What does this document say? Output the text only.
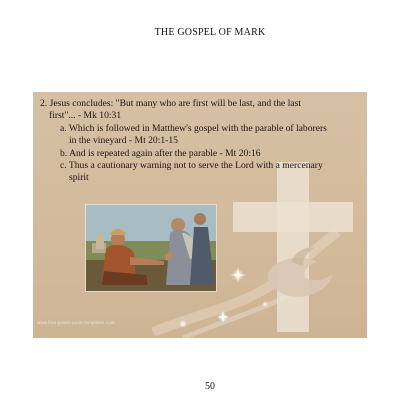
THE GOSPEL OF MARK
2. Jesus concludes: "But many who are first will be last, and the last
first"... - Mk 10:31
a. Which is followed in Matthew's gospel with the parable of laborers
in the vineyard - Mt 20:1-15
b. And is repeated again after the parable - Mt 20:16
c. Thus a cautionary warning not to serve the Lord with a mercenary
spirit
www.free-power-point-templates.com
50
